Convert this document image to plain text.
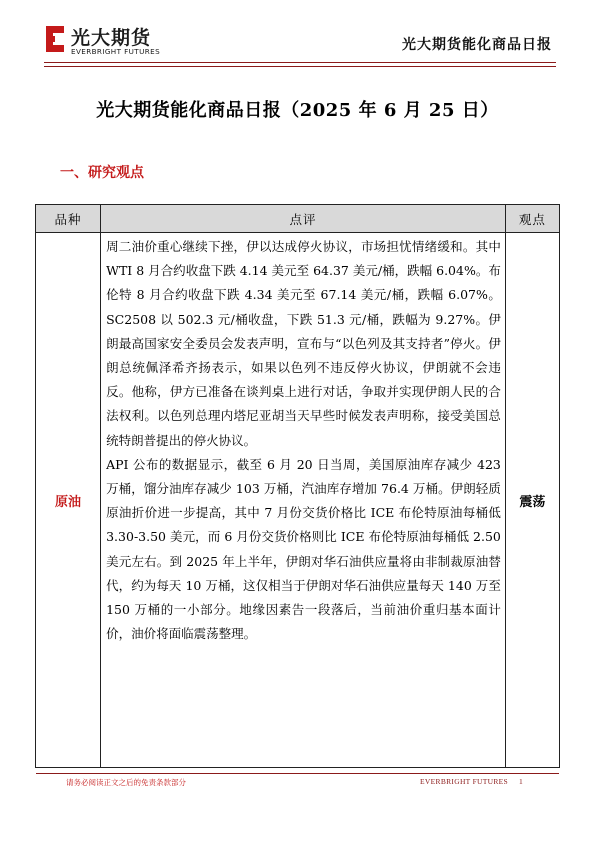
光大期货
EVERBRIGHT FUTURES	光大期货能化商品日报
光大期货能化商品日报（2025 年 6 月 25 日）
一、研究观点
品种	点评	观点
原油	周二油价重心继续下挫，伊以达成停火协议，市场担忧情绪缓和。其中 WTI 8 月合约收盘下跌 4.14 美元至 64.37 美元/桶，跌幅 6.04%。布伦特 8 月合约收盘下跌 4.34 美元至 67.14 美元/桶，跌幅 6.07%。SC2508 以 502.3 元/桶收盘，下跌 51.3 元/桶，跌幅为 9.27%。伊朗最高国家安全委员会发表声明，宣布与“以色列及其支持者”停火。伊朗总统佩泽希齐扬表示，如果以色列不违反停火协议，伊朗就不会违反。他称，伊方已准备在谈判桌上进行对话，争取并实现伊朗人民的合法权利。以色列总理内塔尼亚胡当天早些时候发表声明称，接受美国总统特朗普提出的停火协议。

API 公布的数据显示，截至 6 月 20 日当周，美国原油库存减少 423 万桶，馏分油库存减少 103 万桶，汽油库存增加 76.4 万桶。伊朗轻质原油折价进一步提高，其中 7 月份交货价格比 ICE 布伦特原油每桶低 3.30-3.50 美元，而 6 月份交货价格则比 ICE 布伦特原油每桶低 2.50 美元左右。到 2025 年上半年，伊朗对华石油供应量将由非制裁原油替代，约为每天 10 万桶，这仅相当于伊朗对华石油供应量每天 140 万至 150 万桶的一小部分。地缘因素告一段落后，当前油价重归基本面计价，油价将面临震荡整理。	震荡
请务必阅读正文之后的免责条款部分	EVERBRIGHT FUTURES 1
